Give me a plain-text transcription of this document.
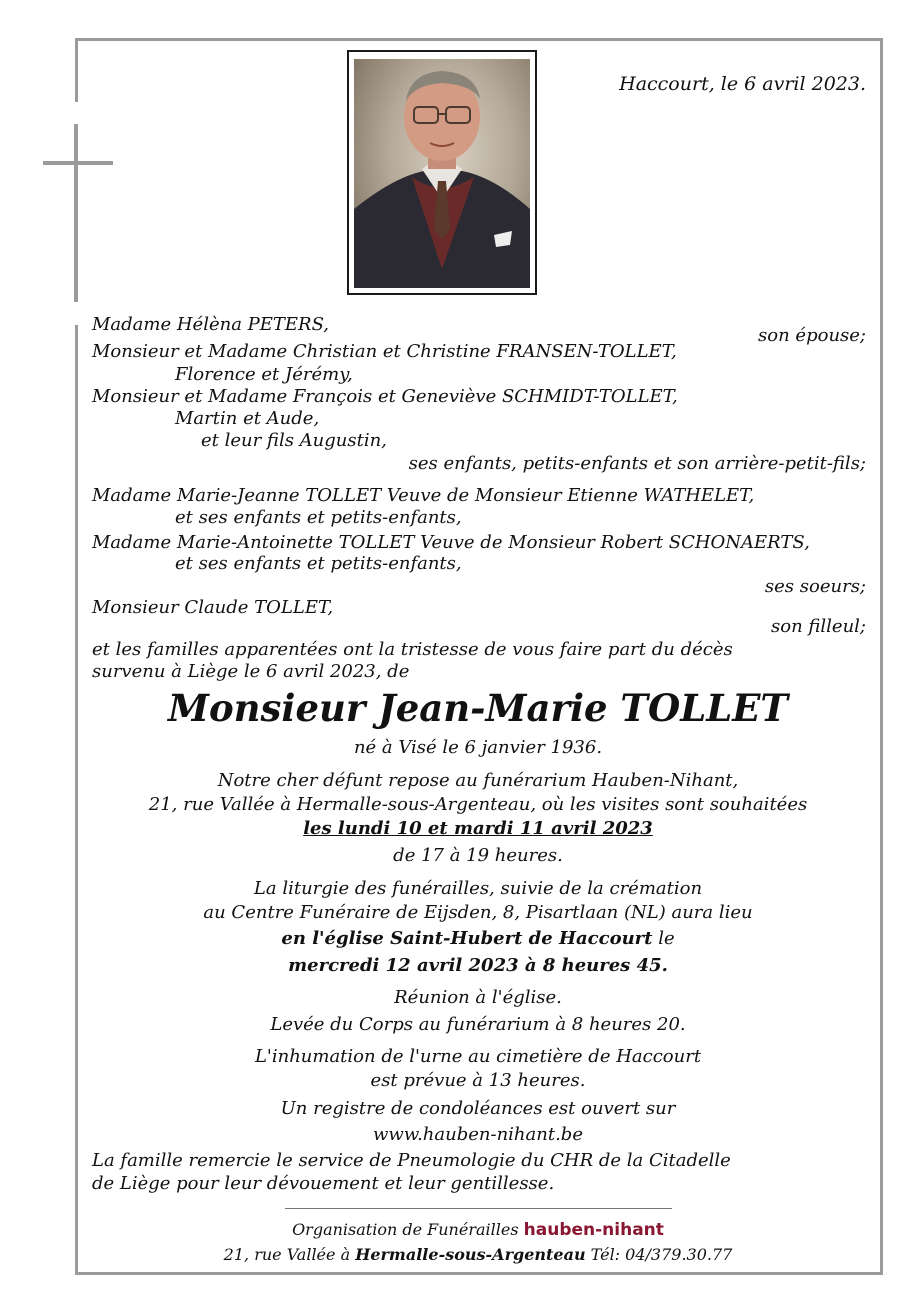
Haccourt, le 6 avril 2023.
Madame Hélèna PETERS,
son épouse;
Monsieur et Madame Christian et Christine FRANSEN-TOLLET,
Florence et Jérémy,
Monsieur et Madame François et Geneviève SCHMIDT-TOLLET,
Martin et Aude,
et leur fils Augustin,
ses enfants, petits-enfants et son arrière-petit-fils;
Madame Marie-Jeanne TOLLET Veuve de Monsieur Etienne WATHELET,
et ses enfants et petits-enfants,
Madame Marie-Antoinette TOLLET Veuve de Monsieur Robert SCHONAERTS,
et ses enfants et petits-enfants,
ses soeurs;
Monsieur Claude TOLLET,
son filleul;
et les familles apparentées ont la tristesse de vous faire part du décès
survenu à Liège le 6 avril 2023, de
Monsieur Jean-Marie TOLLET
né à Visé le 6 janvier 1936.
Notre cher défunt repose au funérarium Hauben-Nihant,
21, rue Vallée à Hermalle-sous-Argenteau, où les visites sont souhaitées
les lundi 10 et mardi 11 avril 2023
de 17 à 19 heures.
La liturgie des funérailles, suivie de la crémation
au Centre Funéraire de Eijsden, 8, Pisartlaan (NL) aura lieu
en l'église Saint-Hubert de Haccourt le
mercredi 12 avril 2023 à 8 heures 45.
Réunion à l'église.
Levée du Corps au funérarium à 8 heures 20.
L'inhumation de l'urne au cimetière de Haccourt
est prévue à 13 heures.
Un registre de condoléances est ouvert sur
www.hauben-nihant.be
La famille remercie le service de Pneumologie du CHR de la Citadelle
de Liège pour leur dévouement et leur gentillesse.
Organisation de Funérailles hauben-nihant
21, rue Vallée à Hermalle-sous-Argenteau Tél: 04/379.30.77
